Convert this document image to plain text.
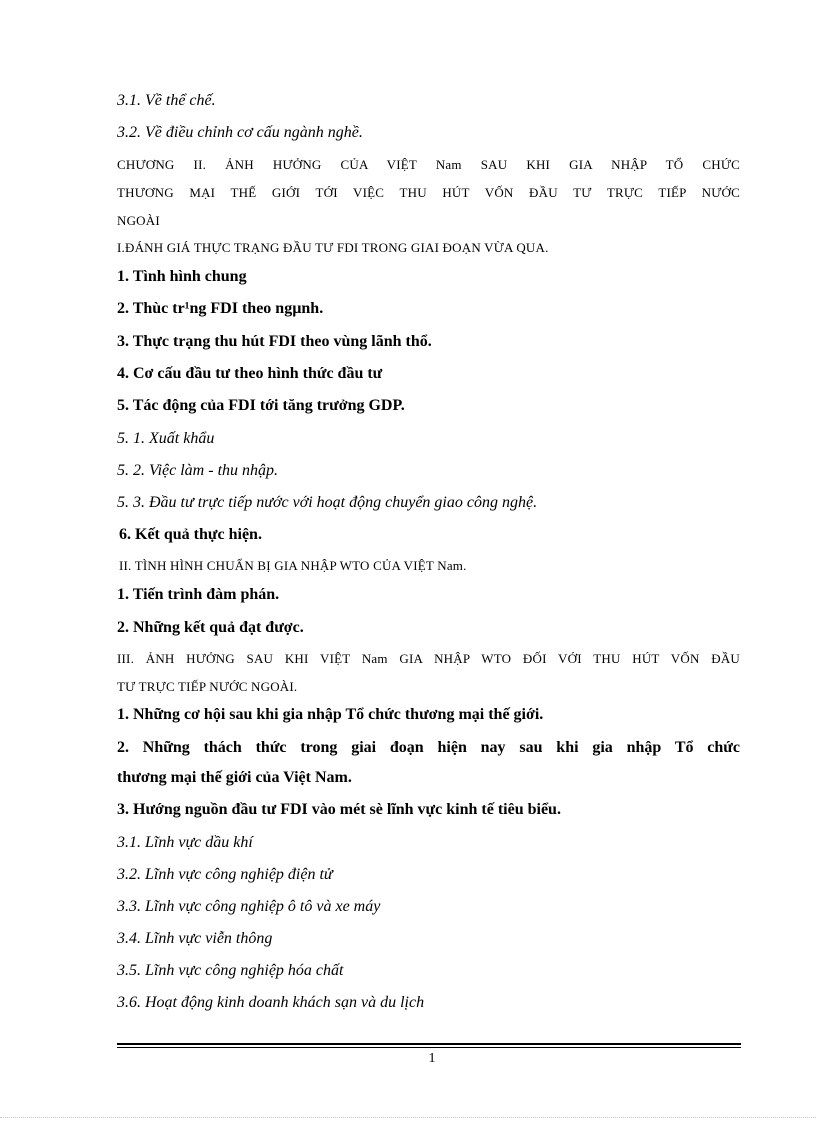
3.1. Về thể chế.
3.2. Về điều chỉnh cơ cấu ngành nghề.
CHƯƠNG II. ẢNH HƯỞNG CỦA VIỆT Nam SAU KHI GIA NHẬP TỔ CHỨC
THƯƠNG MẠI THẾ GIỚI TỚI VIỆC THU HÚT VỐN ĐẦU TƯ TRỰC TIẾP NƯỚC
NGOÀI
I.ĐÁNH GIÁ THỰC TRẠNG ĐẦU TƯ FDI TRONG GIAI ĐOẠN VỪA QUA.
1. Tình hình chung
2. Thùc tr¹ng FDI theo ngµnh.
3. Thực trạng thu hút FDI theo vùng lãnh thổ.
4. Cơ cấu đầu tư theo hình thức đầu tư
5. Tác động của FDI tới tăng trưởng GDP.
5. 1. Xuất khẩu
5. 2. Việc làm - thu nhập.
5. 3. Đầu tư trực tiếp nước với hoạt động chuyển giao công nghệ.
6. Kết quả thực hiện.
II. TÌNH HÌNH CHUẨN BỊ GIA NHẬP WTO CỦA VIỆT Nam.
1. Tiến trình đàm phán.
2. Những kết quả đạt được.
III. ẢNH HƯỞNG SAU KHI VIỆT Nam GIA NHẬP WTO ĐỐI VỚI THU HÚT VỐN ĐẦU
TƯ TRỰC TIẾP NƯỚC NGOÀI.
1. Những cơ hội sau khi gia nhập Tổ chức thương mại thế giới.
2. Những thách thức trong giai đoạn hiện nay sau khi gia nhập Tổ chức
thương mại thế giới của Việt Nam.
3. Hướng nguồn đầu tư FDI vào mét sè lĩnh vực kinh tế tiêu biểu.
3.1. Lĩnh vực dầu khí
3.2. Lĩnh vực công nghiệp điện tử
3.3. Lĩnh vực công nghiệp ô tô và xe máy
3.4. Lĩnh vực viễn thông
3.5. Lĩnh vực công nghiệp hóa chất
3.6. Hoạt động kinh doanh khách sạn và du lịch
1
